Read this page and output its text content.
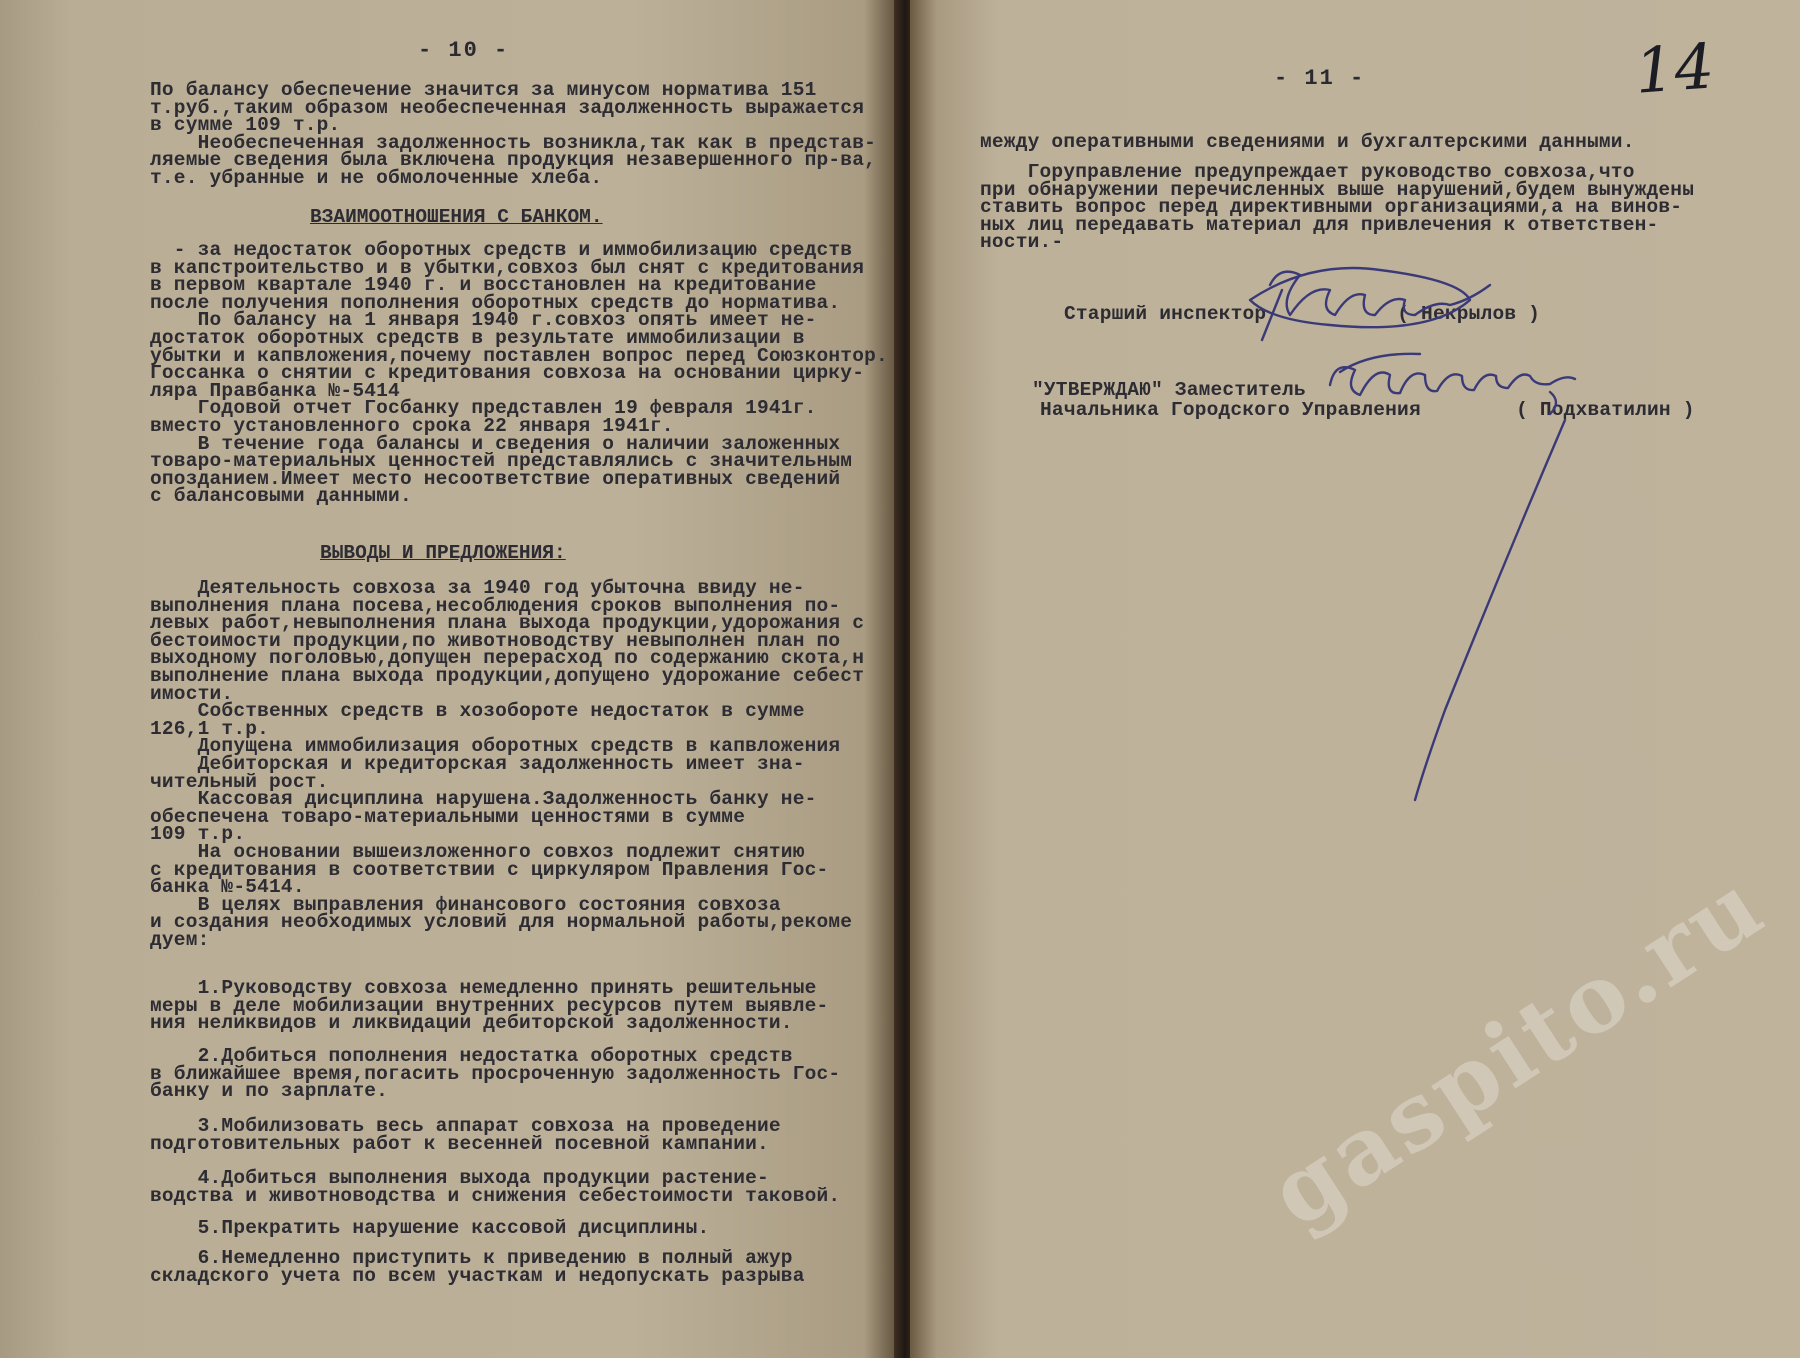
- 10 -
По балансу обеспечение значится за минусом норматива 151
т.руб.,таким образом необеспеченная задолженность выражается
в сумме 109 т.р.
Необеспеченная задолженность возникла,так как в представ-
ляемые сведения была включена продукция незавершенного пр-ва,
т.е. убранные и не обмолоченные хлеба.
ВЗАИМООТНОШЕНИЯ С БАНКОМ.
- за недостаток оборотных средств и иммобилизацию средств
в капстроительство и в убытки,совхоз был снят с кредитования
в первом квартале 1940 г. и восстановлен на кредитование
после получения пополнения оборотных средств до норматива.
По балансу на 1 января 1940 г.совхоз опять имеет не-
достаток оборотных средств в результате иммобилизации в
убытки и капвложения,почему поставлен вопрос перед Союзконтор.
Госсанка о снятии с кредитования совхоза на основании цирку-
ляра Правбанка №-5414
Годовой отчет Госбанку представлен 19 февраля 1941г.
вместо установленного срока 22 января 1941г.
В течение года балансы и сведения о наличии заложенных
товаро-материальных ценностей представлялись с значительным
опозданием.Имеет место несоответствие оперативных сведений
с балансовыми данными.
ВЫВОДЫ И ПРЕДЛОЖЕНИЯ:
Деятельность совхоза за 1940 год убыточна ввиду не-
выполнения плана посева,несоблюдения сроков выполнения по-
левых работ,невыполнения плана выхода продукции,удорожания с
бестоимости продукции,по животноводству невыполнен план по
выходному поголовью,допущен перерасход по содержанию скота,н
выполнение плана выхода продукции,допущено удорожание себест
имости.
Собственных средств в хозобороте недостаток в сумме
126,1 т.р.
Допущена иммобилизация оборотных средств в капвложения
Дебиторская и кредиторская задолженность имеет зна-
чительный рост.
Кассовая дисциплина нарушена.Задолженность банку не-
обеспечена товаро-материальными ценностями в сумме
109 т.р.
На основании вышеизложенного совхоз подлежит снятию
с кредитования в соответствии с циркуляром Правления Гос-
банка №-5414.
В целях выправления финансового состояния совхоза
и создания необходимых условий для нормальной работы,рекоме
дуем:
1.Руководству совхоза немедленно принять решительные
меры в деле мобилизации внутренних ресурсов путем выявле-
ния неликвидов и ликвидации дебиторской задолженности.
2.Добиться пополнения недостатка оборотных средств
в ближайшее время,погасить просроченную задолженность Гос-
банку и по зарплате.
3.Мобилизовать весь аппарат совхоза на проведение
подготовительных работ к весенней посевной кампании.
4.Добиться выполнения выхода продукции растение-
водства и животноводства и снижения себестоимости таковой.
5.Прекратить нарушение кассовой дисциплины.
6.Немедленно приступить к приведению в полный ажур
складского учета по всем участкам и недопускать разрыва
- 11 -	14
между оперативными сведениями и бухгалтерскими данными.
Горуправление предупреждает руководство совхоза,что
при обнаружении перечисленных выше нарушений,будем вынуждены
ставить вопрос перед директивными организациями,а на винов-
ных лиц передавать материал для привлечения к ответствен-
ности.-
Старший инспектор           ( Некрылов )
"УТВЕРЖДАЮ" Заместитель
Начальника Городского Управления        ( Подхватилин )
gaspito.ru
